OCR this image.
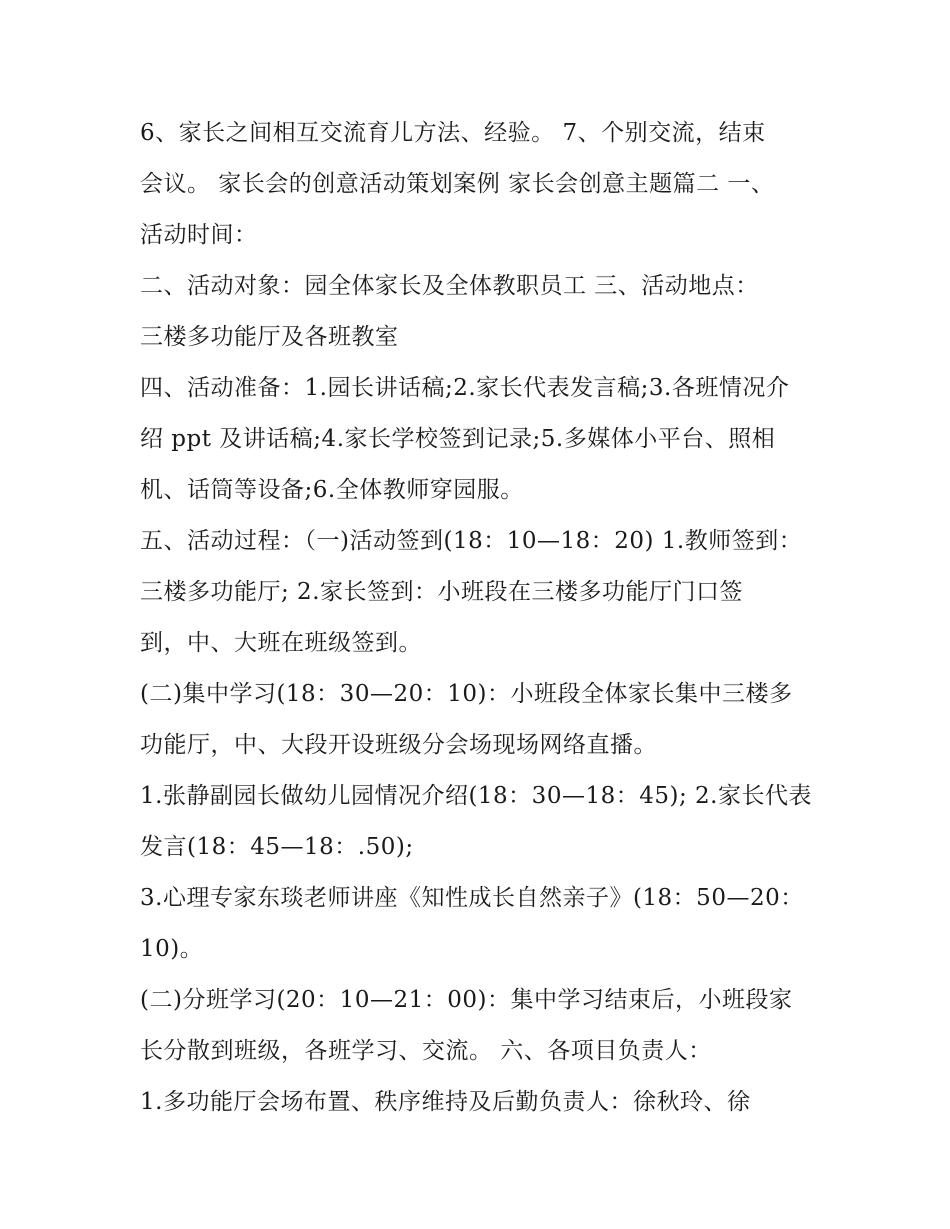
6、家长之间相互交流育儿方法、经验。 7、个别交流，结束
会议。 家长会的创意活动策划案例 家长会创意主题篇二 一、
活动时间：
二、活动对象：园全体家长及全体教职员工 三、活动地点：
三楼多功能厅及各班教室
四、活动准备：1.园长讲话稿;2.家长代表发言稿;3.各班情况介
绍 ppt 及讲话稿;4.家长学校签到记录;5.多媒体小平台、照相
机、话筒等设备;6.全体教师穿园服。
五、活动过程：（一)活动签到(18：10—18：20) 1.教师签到：
三楼多功能厅; 2.家长签到：小班段在三楼多功能厅门口签
到，中、大班在班级签到。
(二)集中学习(18：30—20：10)：小班段全体家长集中三楼多
功能厅，中、大段开设班级分会场现场网络直播。
1.张静副园长做幼儿园情况介绍(18：30—18：45); 2.家长代表
发言(18：45—18：.50);
3.心理专家东琰老师讲座《知性成长自然亲子》(18：50—20：
10)。
(二)分班学习(20：10—21：00)：集中学习结束后，小班段家
长分散到班级，各班学习、交流。 六、各项目负责人：
1.多功能厅会场布置、秩序维持及后勤负责人：徐秋玲、徐
